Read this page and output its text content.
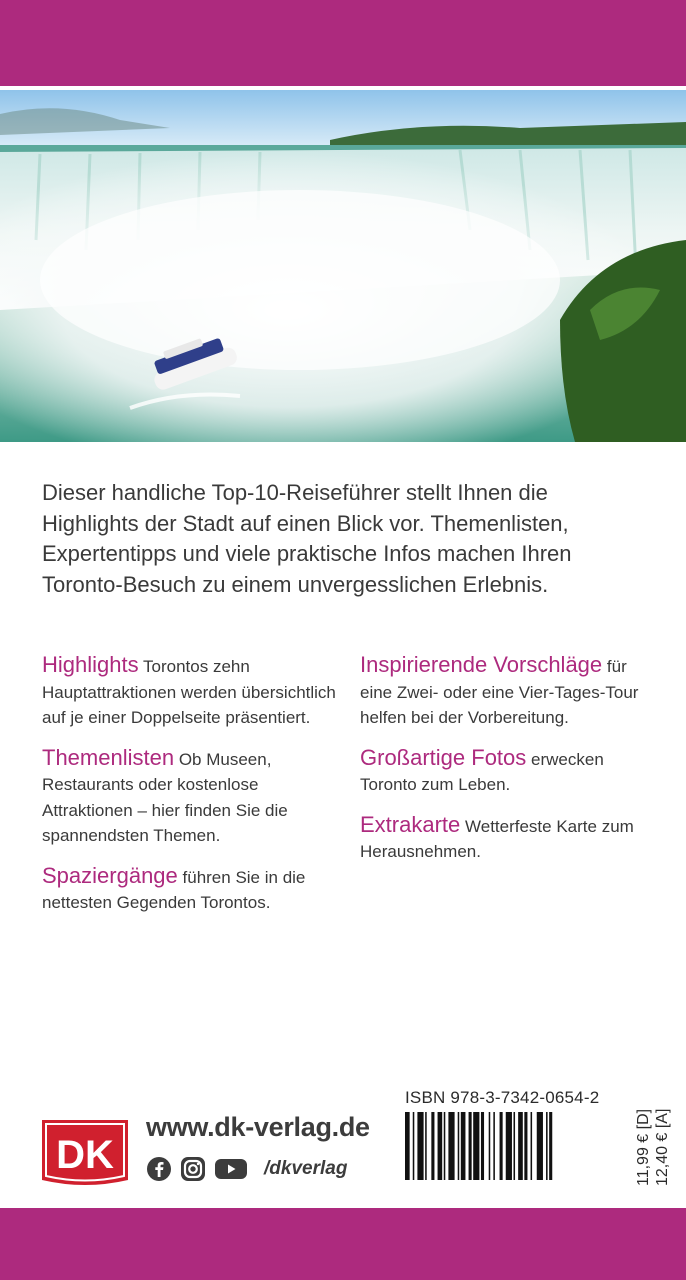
Dieser handliche Top-10-Reiseführer stellt Ihnen die Highlights der Stadt auf einen Blick vor. Themenlisten, Expertentipps und viele praktische Infos machen Ihren Toronto-Besuch zu einem unvergesslichen Erlebnis.

Highlights Torontos zehn Hauptattraktionen werden übersichtlich auf je einer Doppelseite präsentiert.

Themenlisten Ob Museen, Restaurants oder kostenlose Attraktionen – hier finden Sie die spannendsten Themen.

Spaziergänge führen Sie in die nettesten Gegenden Torontos.

Inspirierende Vorschläge für eine Zwei- oder eine Vier-Tages-Tour helfen bei der Vorbereitung.

Großartige Fotos erwecken Toronto zum Leben.

Extrakarte Wetterfeste Karte zum Herausnehmen.

DK
www.dk-verlag.de
/dkverlag
ISBN 978-3-7342-0654-2
11,99 € [D] 12,40 € [A]
